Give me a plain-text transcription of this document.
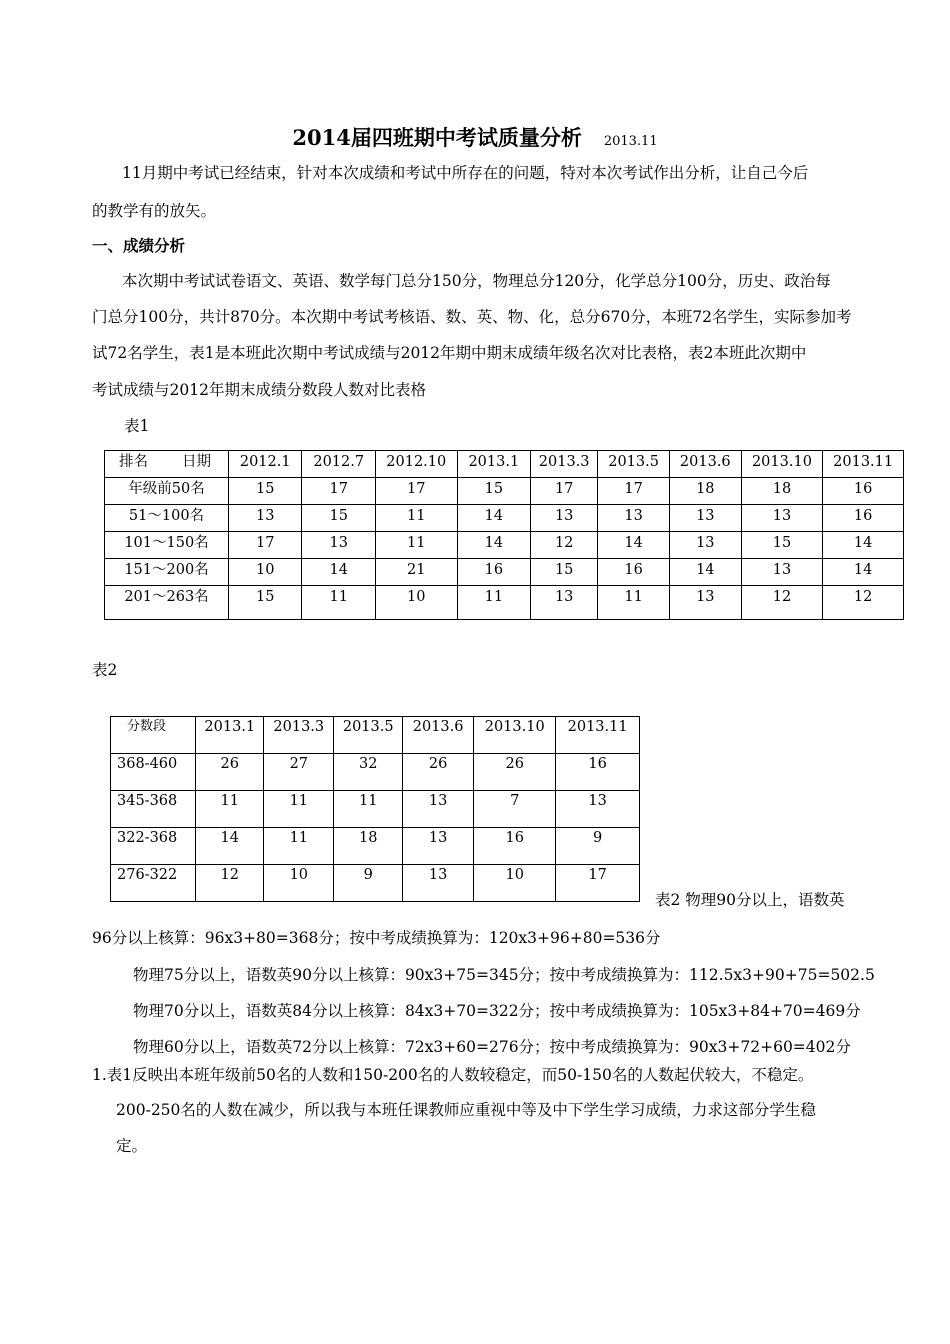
2014届四班期中考试质量分析 2013.11
11月期中考试已经结束，针对本次成绩和考试中所存在的问题，特对本次考试作出分析，让自己今后
的教学有的放矢。
一、成绩分析
本次期中考试试卷语文、英语、数学每门总分150分，物理总分120分，化学总分100分，历史、政治每
门总分100分，共计870分。本次期中考试考核语、数、英、物、化，总分670分，本班72名学生，实际参加考
试72名学生，表1是本班此次期中考试成绩与2012年期中期末成绩年级名次对比表格，表2本班此次期中
考试成绩与2012年期末成绩分数段人数对比表格
表1
排名 日期	2012.1	2012.7	2012.10	2013.1	2013.3	2013.5	2013.6	2013.10	2013.11
年级前50名	15	17	17	15	17	17	18	18	16
51～100名	13	15	11	14	13	13	13	13	16
101～150名	17	13	11	14	12	14	13	15	14
151～200名	10	14	21	16	15	16	14	13	14
201～263名	15	11	10	11	13	11	13	12	12
表2
分数段	2013.1	2013.3	2013.5	2013.6	2013.10	2013.11
368-460	26	27	32	26	26	16
345-368	11	11	11	13	7	13
322-368	14	11	18	13	16	9
276-322	12	10	9	13	10	17
表2 物理90分以上，语数英
96分以上核算：96x3+80=368分；按中考成绩换算为：120x3+96+80=536分
物理75分以上，语数英90分以上核算：90x3+75=345分；按中考成绩换算为：112.5x3+90+75=502.5
物理70分以上，语数英84分以上核算：84x3+70=322分；按中考成绩换算为：105x3+84+70=469分
物理60分以上，语数英72分以上核算：72x3+60=276分；按中考成绩换算为：90x3+72+60=402分
1.表1反映出本班年级前50名的人数和150-200名的人数较稳定，而50-150名的人数起伏较大，不稳定。
200-250名的人数在减少，所以我与本班任课教师应重视中等及中下学生学习成绩，力求这部分学生稳
定。
